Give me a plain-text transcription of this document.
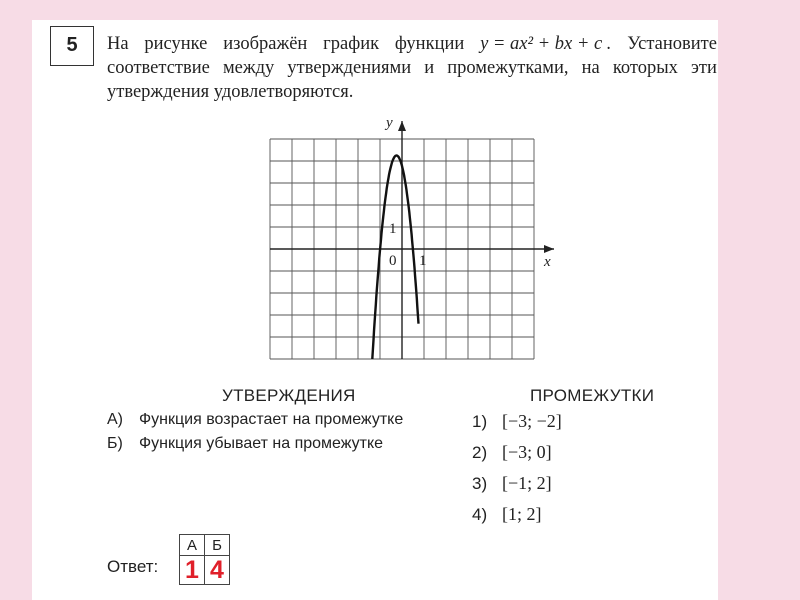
5	На рисунке изображён график функции y = ax² + bx + c . Установите
соответствие между утверждениями и промежутками, на которых эти
утверждения удовлетворяются.
x
y
0 1
1
УТВЕРЖДЕНИЯ	ПРОМЕЖУТКИ
А) Функция возрастает на промежутке
Б) Функция убывает на промежутке
1) [−3; −2]
2) [−3; 0]
3) [−1; 2]
4) [1; 2]
Ответ:
А	Б
1	4
